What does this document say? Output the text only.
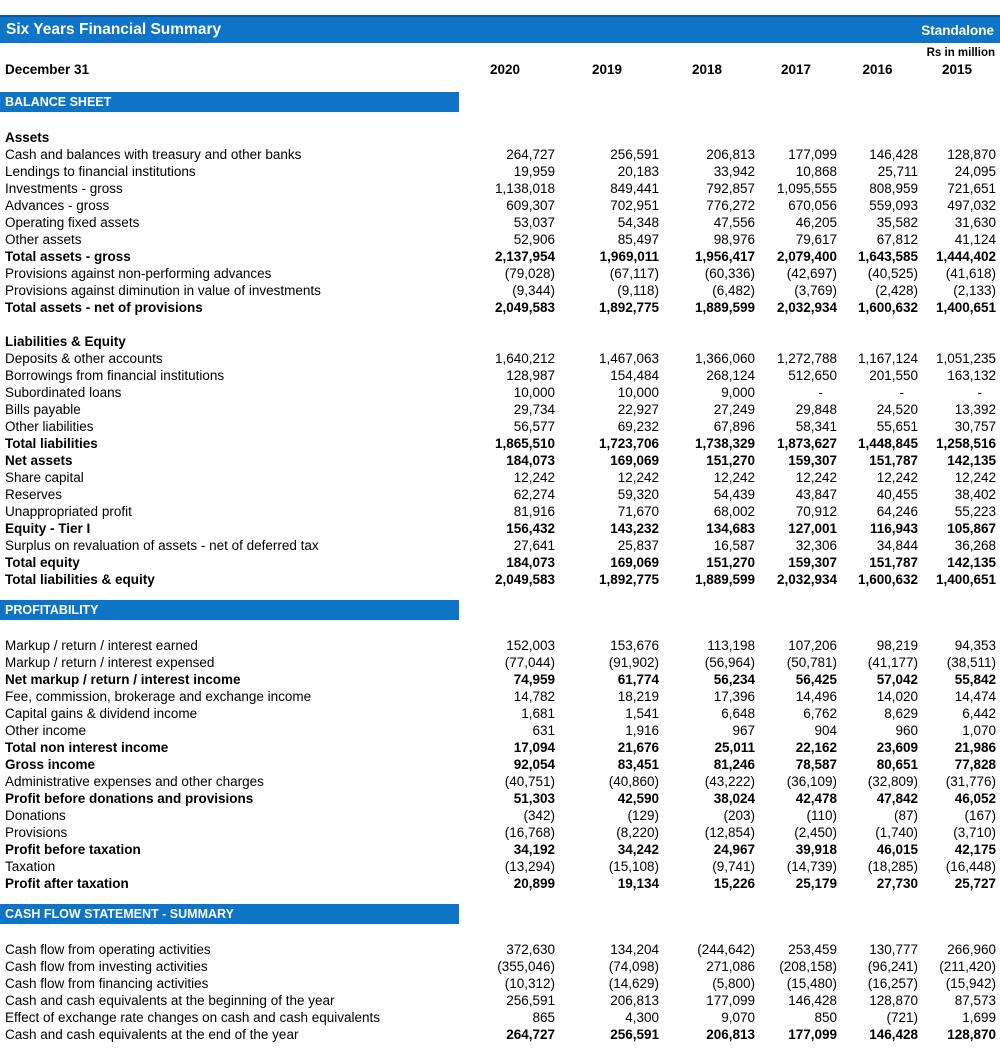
Six Years Financial Summary	Standalone
Rs in million
December 31	2020	2019	2018	2017	2016	2015
BALANCE SHEET
Assets
Cash and balances with treasury and other banks	264,727	256,591	206,813	177,099	146,428	128,870
Lendings to financial institutions	19,959	20,183	33,942	10,868	25,711	24,095
Investments - gross	1,138,018	849,441	792,857	1,095,555	808,959	721,651
Advances - gross	609,307	702,951	776,272	670,056	559,093	497,032
Operating fixed assets	53,037	54,348	47,556	46,205	35,582	31,630
Other assets	52,906	85,497	98,976	79,617	67,812	41,124
Total assets - gross	2,137,954	1,969,011	1,956,417	2,079,400	1,643,585	1,444,402
Provisions against non-performing advances	(79,028)	(67,117)	(60,336)	(42,697)	(40,525)	(41,618)
Provisions against diminution in value of investments	(9,344)	(9,118)	(6,482)	(3,769)	(2,428)	(2,133)
Total assets - net of provisions	2,049,583	1,892,775	1,889,599	2,032,934	1,600,632	1,400,651
Liabilities & Equity
Deposits & other accounts	1,640,212	1,467,063	1,366,060	1,272,788	1,167,124	1,051,235
Borrowings from financial institutions	128,987	154,484	268,124	512,650	201,550	163,132
Subordinated loans	10,000	10,000	9,000	-	-	-
Bills payable	29,734	22,927	27,249	29,848	24,520	13,392
Other liabilities	56,577	69,232	67,896	58,341	55,651	30,757
Total liabilities	1,865,510	1,723,706	1,738,329	1,873,627	1,448,845	1,258,516
Net assets	184,073	169,069	151,270	159,307	151,787	142,135
Share capital	12,242	12,242	12,242	12,242	12,242	12,242
Reserves	62,274	59,320	54,439	43,847	40,455	38,402
Unappropriated profit	81,916	71,670	68,002	70,912	64,246	55,223
Equity - Tier I	156,432	143,232	134,683	127,001	116,943	105,867
Surplus on revaluation of assets - net of deferred tax	27,641	25,837	16,587	32,306	34,844	36,268
Total equity	184,073	169,069	151,270	159,307	151,787	142,135
Total liabilities & equity	2,049,583	1,892,775	1,889,599	2,032,934	1,600,632	1,400,651
PROFITABILITY
Markup / return / interest earned	152,003	153,676	113,198	107,206	98,219	94,353
Markup / return / interest expensed	(77,044)	(91,902)	(56,964)	(50,781)	(41,177)	(38,511)
Net markup / return / interest income	74,959	61,774	56,234	56,425	57,042	55,842
Fee, commission, brokerage and exchange income	14,782	18,219	17,396	14,496	14,020	14,474
Capital gains & dividend income	1,681	1,541	6,648	6,762	8,629	6,442
Other income	631	1,916	967	904	960	1,070
Total non interest income	17,094	21,676	25,011	22,162	23,609	21,986
Gross income	92,054	83,451	81,246	78,587	80,651	77,828
Administrative expenses and other charges	(40,751)	(40,860)	(43,222)	(36,109)	(32,809)	(31,776)
Profit before donations and provisions	51,303	42,590	38,024	42,478	47,842	46,052
Donations	(342)	(129)	(203)	(110)	(87)	(167)
Provisions	(16,768)	(8,220)	(12,854)	(2,450)	(1,740)	(3,710)
Profit before taxation	34,192	34,242	24,967	39,918	46,015	42,175
Taxation	(13,294)	(15,108)	(9,741)	(14,739)	(18,285)	(16,448)
Profit after taxation	20,899	19,134	15,226	25,179	27,730	25,727
CASH FLOW STATEMENT - SUMMARY
Cash flow from operating activities	372,630	134,204	(244,642)	253,459	130,777	266,960
Cash flow from investing activities	(355,046)	(74,098)	271,086	(208,158)	(96,241)	(211,420)
Cash flow from financing activities	(10,312)	(14,629)	(5,800)	(15,480)	(16,257)	(15,942)
Cash and cash equivalents at the beginning of the year	256,591	206,813	177,099	146,428	128,870	87,573
Effect of exchange rate changes on cash and cash equivalents	865	4,300	9,070	850	(721)	1,699
Cash and cash equivalents at the end of the year	264,727	256,591	206,813	177,099	146,428	128,870
